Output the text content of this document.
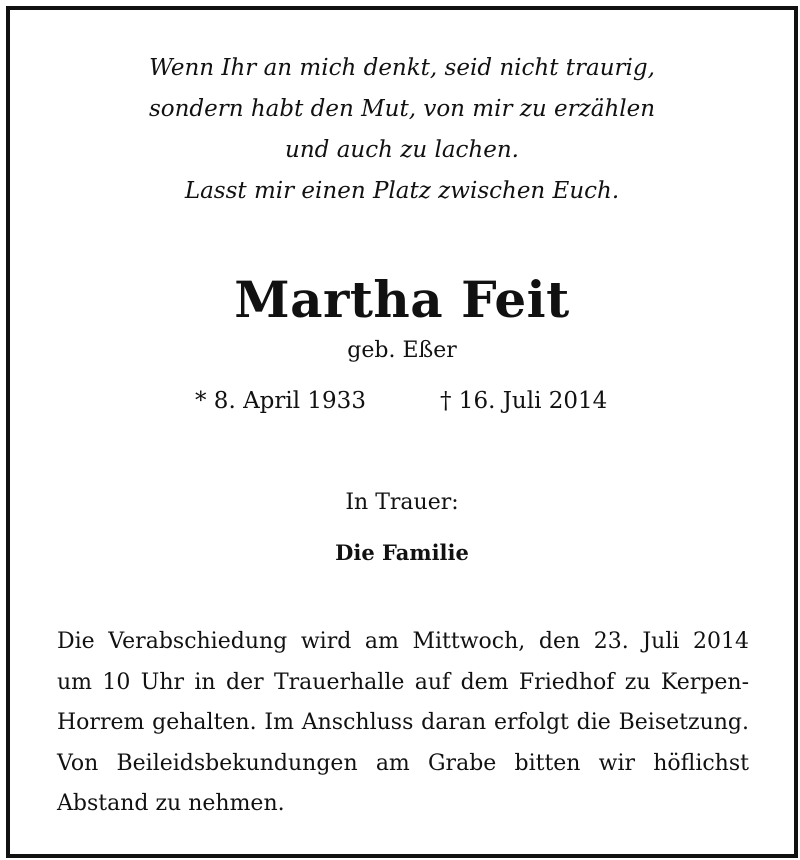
Wenn Ihr an mich denkt, seid nicht traurig,
sondern habt den Mut, von mir zu erzählen
und auch zu lachen.
Lasst mir einen Platz zwischen Euch.
Martha Feit
geb. Eßer
* 8. April 1933	† 16. Juli 2014
In Trauer:
Die Familie
Die Verabschiedung wird am Mittwoch, den 23. Juli 2014
um 10 Uhr in der Trauerhalle auf dem Friedhof zu Kerpen-
Horrem gehalten. Im Anschluss daran erfolgt die Beisetzung.
Von Beileidsbekundungen am Grabe bitten wir höflichst
Abstand zu nehmen.
